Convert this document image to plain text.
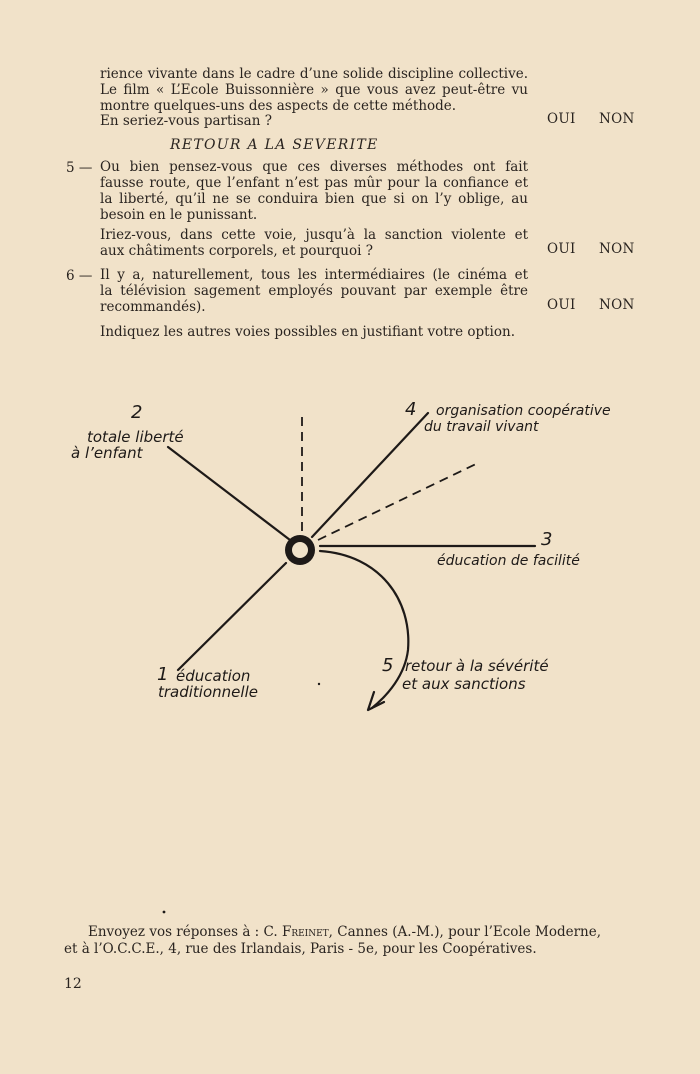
rience vivante dans le cadre d’une solide discipline collective.
Le film « L’Ecole Buissonnière » que vous avez peut-être vu
montre quelques-uns des aspects de cette méthode.
En seriez-vous partisan ?	OUI NON
RETOUR A LA SEVERITE
5 — Ou bien pensez-vous que ces diverses méthodes ont fait
fausse route, que l’enfant n’est pas mûr pour la confiance et
la liberté, qu’il ne se conduira bien que si on l’y oblige, au
besoin en le punissant.
Iriez-vous, dans cette voie, jusqu’à la sanction violente et
aux châtiments corporels, et pourquoi ?	OUI NON
6 — Il y a, naturellement, tous les intermédiaires (le cinéma et
la télévision sagement employés pouvant par exemple être
recommandés).	OUI NON
Indiquez les autres voies possibles en justifiant votre option.
2
totale liberté
à l’enfant
4 organisation coopérative
du travail vivant
3
éducation de facilité
1 éducation
traditionnelle
5 retour à la sévérité
et aux sanctions
Envoyez vos réponses à : C. Freinet, Cannes (A.-M.), pour l’Ecole Moderne,
et à l’O.C.C.E., 4, rue des Irlandais, Paris - 5e, pour les Coopératives.
12
